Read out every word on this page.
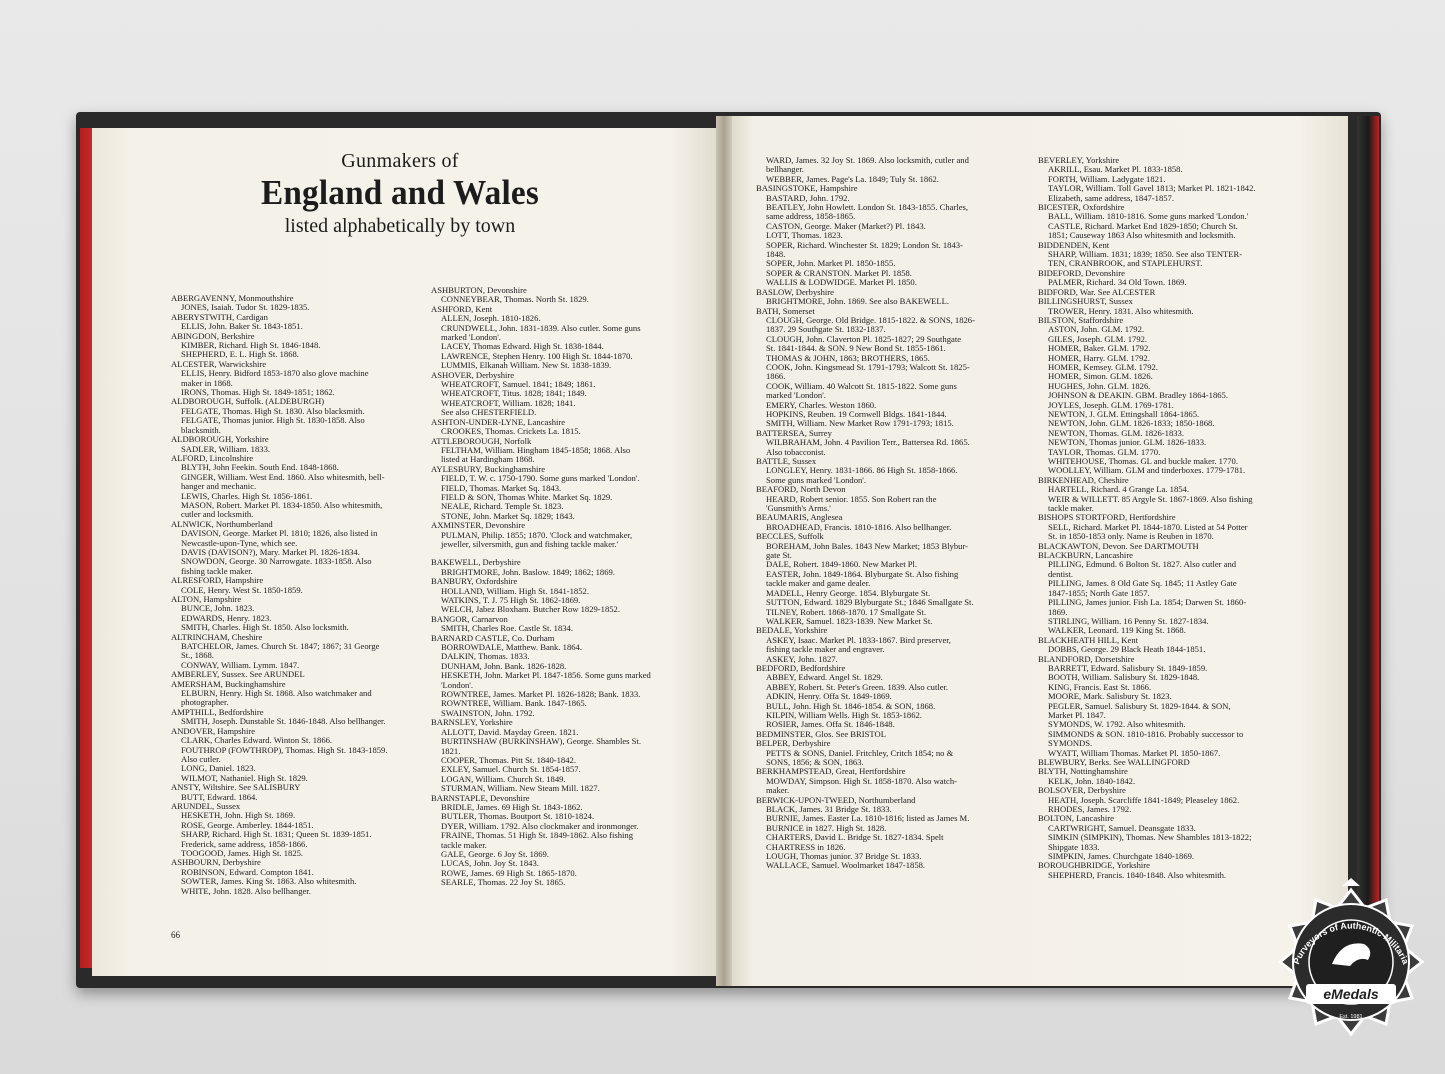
Gunmakers of
England and Wales
listed alphabetically by town
ABERGAVENNY, Monmouthshire
JONES, Isaiah. Tudor St. 1829-1835.
ABERYSTWITH, Cardigan
ELLIS, John. Baker St. 1843-1851.
ABINGDON, Berkshire
KIMBER, Richard. High St. 1846-1848.
SHEPHERD, E. L. High St. 1868.
ALCESTER, Warwickshire
ELLIS, Henry. Bidford 1853-1870 also glove machine
maker in 1868.
IRONS, Thomas. High St. 1849-1851; 1862.
ALDBOROUGH, Suffolk. (ALDEBURGH)
FELGATE, Thomas. High St. 1830. Also blacksmith.
FELGATE, Thomas junior. High St. 1830-1858. Also
blacksmith.
ALDBOROUGH, Yorkshire
SADLER, William. 1833.
ALFORD, Lincolnshire
BLYTH, John Feekin. South End. 1848-1868.
GINGER, William. West End. 1860. Also whitesmith, bell-
hanger and mechanic.
LEWIS, Charles. High St. 1856-1861.
MASON, Robert. Market Pl. 1834-1850. Also whitesmith,
cutler and locksmith.
ALNWICK, Northumberland
DAVISON, George. Market Pl. 1810; 1826, also listed in
Newcastle-upon-Tyne, which see.
DAVIS (DAVISON?), Mary. Market Pl. 1826-1834.
SNOWDON, George. 30 Narrowgate. 1833-1858. Also
fishing tackle maker.
ALRESFORD, Hampshire
COLE, Henry. West St. 1850-1859.
ALTON, Hampshire
BUNCE, John. 1823.
EDWARDS, Henry. 1823.
SMITH, Charles. High St. 1850. Also locksmith.
ALTRINCHAM, Cheshire
BATCHELOR, James. Church St. 1847; 1867; 31 George
St., 1868.
CONWAY, William. Lymm. 1847.
AMBERLEY, Sussex. See ARUNDEL
AMERSHAM, Buckinghamshire
ELBURN, Henry. High St. 1868. Also watchmaker and
photographer.
AMPTHILL, Bedfordshire
SMITH, Joseph. Dunstable St. 1846-1848. Also bellhanger.
ANDOVER, Hampshire
CLARK, Charles Edward. Winton St. 1866.
FOUTHROP (FOWTHROP), Thomas. High St. 1843-1859.
Also cutler.
LONG, Daniel. 1823.
WILMOT, Nathaniel. High St. 1829.
ANSTY, Wiltshire. See SALISBURY
BUTT, Edward. 1864.
ARUNDEL, Sussex
HESKETH, John. High St. 1869.
ROSE, George. Amberley. 1844-1851.
SHARP, Richard. High St. 1831; Queen St. 1839-1851.
Frederick, same address, 1858-1866.
TOOGOOD, James. High St. 1825.
ASHBOURN, Derbyshire
ROBINSON, Edward. Compton 1841.
SOWTER, James. King St. 1863. Also whitesmith.
WHITE, John. 1828. Also bellhanger.
ASHBURTON, Devonshire
CONNEYBEAR, Thomas. North St. 1829.
ASHFORD, Kent
ALLEN, Joseph. 1810-1826.
CRUNDWELL, John. 1831-1839. Also cutler. Some guns
marked 'London'.
LACEY, Thomas Edward. High St. 1838-1844.
LAWRENCE, Stephen Henry. 100 High St. 1844-1870.
LUMMIS, Elkanah William. New St. 1838-1839.
ASHOVER, Derbyshire
WHEATCROFT, Samuel. 1841; 1849; 1861.
WHEATCROFT, Titus. 1828; 1841; 1849.
WHEATCROFT, William. 1828; 1841.
See also CHESTERFIELD.
ASHTON-UNDER-LYNE, Lancashire
CROOKES, Thomas. Crickets La. 1815.
ATTLEBOROUGH, Norfolk
FELTHAM, William. Hingham 1845-1858; 1868. Also
listed at Hardingham 1868.
AYLESBURY, Buckinghamshire
FIELD, T. W. c. 1750-1790. Some guns marked 'London'.
FIELD, Thomas. Market Sq. 1843.
FIELD & SON, Thomas White. Market Sq. 1829.
NEALE, Richard. Temple St. 1823.
STONE, John. Market Sq. 1829; 1843.
AXMINSTER, Devonshire
PULMAN, Philip. 1855; 1870. 'Clock and watchmaker,
jeweller, silversmith, gun and fishing tackle maker.'
BAKEWELL, Derbyshire
BRIGHTMORE, John. Baslow. 1849; 1862; 1869.
BANBURY, Oxfordshire
HOLLAND, William. High St. 1841-1852.
WATKINS, T. J. 75 High St. 1862-1869.
WELCH, Jabez Bloxham. Butcher Row 1829-1852.
BANGOR, Carnarvon
SMITH, Charles Roe. Castle St. 1834.
BARNARD CASTLE, Co. Durham
BORROWDALE, Matthew. Bank. 1864.
DALKIN, Thomas. 1833.
DUNHAM, John. Bank. 1826-1828.
HESKETH, John. Market Pl. 1847-1856. Some guns marked
'London'.
ROWNTREE, James. Market Pl. 1826-1828; Bank. 1833.
ROWNTREE, William. Bank. 1847-1865.
SWAINSTON, John. 1792.
BARNSLEY, Yorkshire
ALLOTT, David. Mayday Green. 1821.
BURTINSHAW (BURKINSHAW), George. Shambles St.
1821.
COOPER, Thomas. Pitt St. 1840-1842.
EXLEY, Samuel. Church St. 1854-1857.
LOGAN, William. Church St. 1849.
STURMAN, William. New Steam Mill. 1827.
BARNSTAPLE, Devonshire
BRIDLE, James. 69 High St. 1843-1862.
BUTLER, Thomas. Boutport St. 1810-1824.
DYER, William. 1792. Also clockmaker and ironmonger.
FRAINE, Thomas. 51 High St. 1849-1862. Also fishing
tackle maker.
GALE, George. 6 Joy St. 1869.
LUCAS, John. Joy St. 1843.
ROWE, James. 69 High St. 1865-1870.
SEARLE, Thomas. 22 Joy St. 1865.
WARD, James. 32 Joy St. 1869. Also locksmith, cutler and
bellhanger.
WEBBER, James. Page's La. 1849; Tuly St. 1862.
BASINGSTOKE, Hampshire
BASTARD, John. 1792.
BEATLEY, John Howlett. London St. 1843-1855. Charles,
same address, 1858-1865.
CASTON, George. Maker (Market?) Pl. 1843.
LOTT, Thomas. 1823.
SOPER, Richard. Winchester St. 1829; London St. 1843-
1848.
SOPER, John. Market Pl. 1850-1855.
SOPER & CRANSTON. Market Pl. 1858.
WALLIS & LODWIDGE. Market Pl. 1850.
BASLOW, Derbyshire
BRIGHTMORE, John. 1869. See also BAKEWELL.
BATH, Somerset
CLOUGH, George. Old Bridge. 1815-1822. & SONS, 1826-
1837. 29 Southgate St. 1832-1837.
CLOUGH, John. Claverton Pl. 1825-1827; 29 Southgate
St. 1841-1844. & SON. 9 New Bond St. 1855-1861.
THOMAS & JOHN, 1863; BROTHERS, 1865.
COOK, John. Kingsmead St. 1791-1793; Walcott St. 1825-
1866.
COOK, William. 40 Walcott St. 1815-1822. Some guns
marked 'London'.
EMERY, Charles. Weston 1860.
HOPKINS, Reuben. 19 Cornwell Bldgs. 1841-1844.
SMITH, William. New Market Row 1791-1793; 1815.
BATTERSEA, Surrey
WILBRAHAM, John. 4 Pavilion Terr., Battersea Rd. 1865.
Also tobacconist.
BATTLE, Sussex
LONGLEY, Henry. 1831-1866. 86 High St. 1858-1866.
Some guns marked 'London'.
BEAFORD, North Devon
HEARD, Robert senior. 1855. Son Robert ran the
'Gunsmith's Arms.'
BEAUMARIS, Anglesea
BROADHEAD, Francis. 1810-1816. Also bellhanger.
BECCLES, Suffolk
BOREHAM, John Bales. 1843 New Market; 1853 Blybur-
gate St.
DALE, Robert. 1849-1860. New Market Pl.
EASTER, John. 1849-1864. Blyburgate St. Also fishing
tackle maker and game dealer.
MADELL, Henry George. 1854. Blyburgate St.
SUTTON, Edward. 1829 Blyburgate St.; 1846 Smallgate St.
TILNEY, Robert. 1868-1870. 17 Smallgate St.
WALKER, Samuel. 1823-1839. New Market St.
BEDALE, Yorkshire
ASKEY, Isaac. Market Pl. 1833-1867. Bird preserver,
fishing tackle maker and engraver.
ASKEY, John. 1827.
BEDFORD, Bedfordshire
ABBEY, Edward. Angel St. 1829.
ABBEY, Robert. St. Peter's Green. 1839. Also cutler.
ADKIN, Henry. Offa St. 1849-1869.
BULL, John. High St. 1846-1854. & SON, 1868.
KILPIN, William Wells. High St. 1853-1862.
ROSIER, James. Offa St. 1846-1848.
BEDMINSTER, Glos. See BRISTOL
BELPER, Derbyshire
PETTS & SONS, Daniel. Fritchley, Critch 1854; no &
SONS, 1856; & SON, 1863.
BERKHAMPSTEAD, Great, Hertfordshire
MOWDAY, Simpson. High St. 1858-1870. Also watch-
maker.
BERWICK-UPON-TWEED, Northumberland
BLACK, James. 31 Bridge St. 1833.
BURNIE, James. Easter La. 1810-1816; listed as James M.
BURNICE in 1827. High St. 1828.
CHARTERS, David L. Bridge St. 1827-1834. Spelt
CHARTRESS in 1826.
LOUGH, Thomas junior. 37 Bridge St. 1833.
WALLACE, Samuel. Woolmarket 1847-1858.
BEVERLEY, Yorkshire
AKRILL, Esau. Market Pl. 1833-1858.
FORTH, William. Ladygate 1821.
TAYLOR, William. Toll Gavel 1813; Market Pl. 1821-1842.
Elizabeth, same address, 1847-1857.
BICESTER, Oxfordshire
BALL, William. 1810-1816. Some guns marked 'London.'
CASTLE, Richard. Market End 1829-1850; Church St.
1851; Causeway 1863 Also whitesmith and locksmith.
BIDDENDEN, Kent
SHARP, William. 1831; 1839; 1850. See also TENTER-
TEN, CRANBROOK, and STAPLEHURST.
BIDEFORD, Devonshire
PALMER, Richard. 34 Old Town. 1869.
BIDFORD, War. See ALCESTER
BILLINGSHURST, Sussex
TROWER, Henry. 1831. Also whitesmith.
BILSTON, Staffordshire
ASTON, John. GLM. 1792.
GILES, Joseph. GLM. 1792.
HOMER, Baker. GLM. 1792.
HOMER, Harry. GLM. 1792.
HOMER, Kemsey. GLM. 1792.
HOMER, Simon. GLM. 1826.
HUGHES, John. GLM. 1826.
JOHNSON & DEAKIN. GBM. Bradley 1864-1865.
JOYLES, Joseph. GLM. 1769-1781.
NEWTON, J. GLM. Ettingshall 1864-1865.
NEWTON, John. GLM. 1826-1833; 1850-1868.
NEWTON, Thomas. GLM. 1826-1833.
NEWTON, Thomas junior. GLM. 1826-1833.
TAYLOR, Thomas. GLM. 1770.
WHITEHOUSE, Thomas. GL and buckle maker. 1770.
WOOLLEY, William. GLM and tinderboxes. 1779-1781.
BIRKENHEAD, Cheshire
HARTELL, Richard. 4 Grange La. 1854.
WEIR & WILLETT. 85 Argyle St. 1867-1869. Also fishing
tackle maker.
BISHOPS STORTFORD, Hertfordshire
SELL, Richard. Market Pl. 1844-1870. Listed at 54 Potter
St. in 1850-1853 only. Name is Reuben in 1870.
BLACKAWTON, Devon. See DARTMOUTH
BLACKBURN, Lancashire
PILLING, Edmund. 6 Bolton St. 1827. Also cutler and
dentist.
PILLING, James. 8 Old Gate Sq. 1845; 11 Astley Gate
1847-1855; North Gate 1857.
PILLING, James junior. Fish La. 1854; Darwen St. 1860-
1869.
STIRLING, William. 16 Penny St. 1827-1834.
WALKER, Leonard. 119 King St. 1868.
BLACKHEATH HILL, Kent
DOBBS, George. 29 Black Heath 1844-1851.
BLANDFORD, Dorsetshire
BARRETT, Edward. Salisbury St. 1849-1859.
BOOTH, William. Salisbury St. 1829-1848.
KING, Francis. East St. 1866.
MOORE, Mark. Salisbury St. 1823.
PEGLER, Samuel. Salisbury St. 1829-1844. & SON,
Market Pl. 1847.
SYMONDS, W. 1792. Also whitesmith.
SIMMONDS & SON. 1810-1816. Probably successor to
SYMONDS.
WYATT, William Thomas. Market Pl. 1850-1867.
BLEWBURY, Berks. See WALLINGFORD
BLYTH, Nottinghamshire
KELK, John. 1840-1842.
BOLSOVER, Derbyshire
HEATH, Joseph. Scarcliffe 1841-1849; Pleaseley 1862.
RHODES, James. 1792.
BOLTON, Lancashire
CARTWRIGHT, Samuel. Deansgate 1833.
SIMKIN (SIMPKIN), Thomas. New Shambles 1813-1822;
Shipgate 1833.
SIMPKIN, James. Churchgate 1840-1869.
BOROUGHBRIDGE, Yorkshire
SHEPHERD, Francis. 1840-1848. Also whitesmith.
66
Purveyors of Authentic Militaria
eMedals
Est. 1981
